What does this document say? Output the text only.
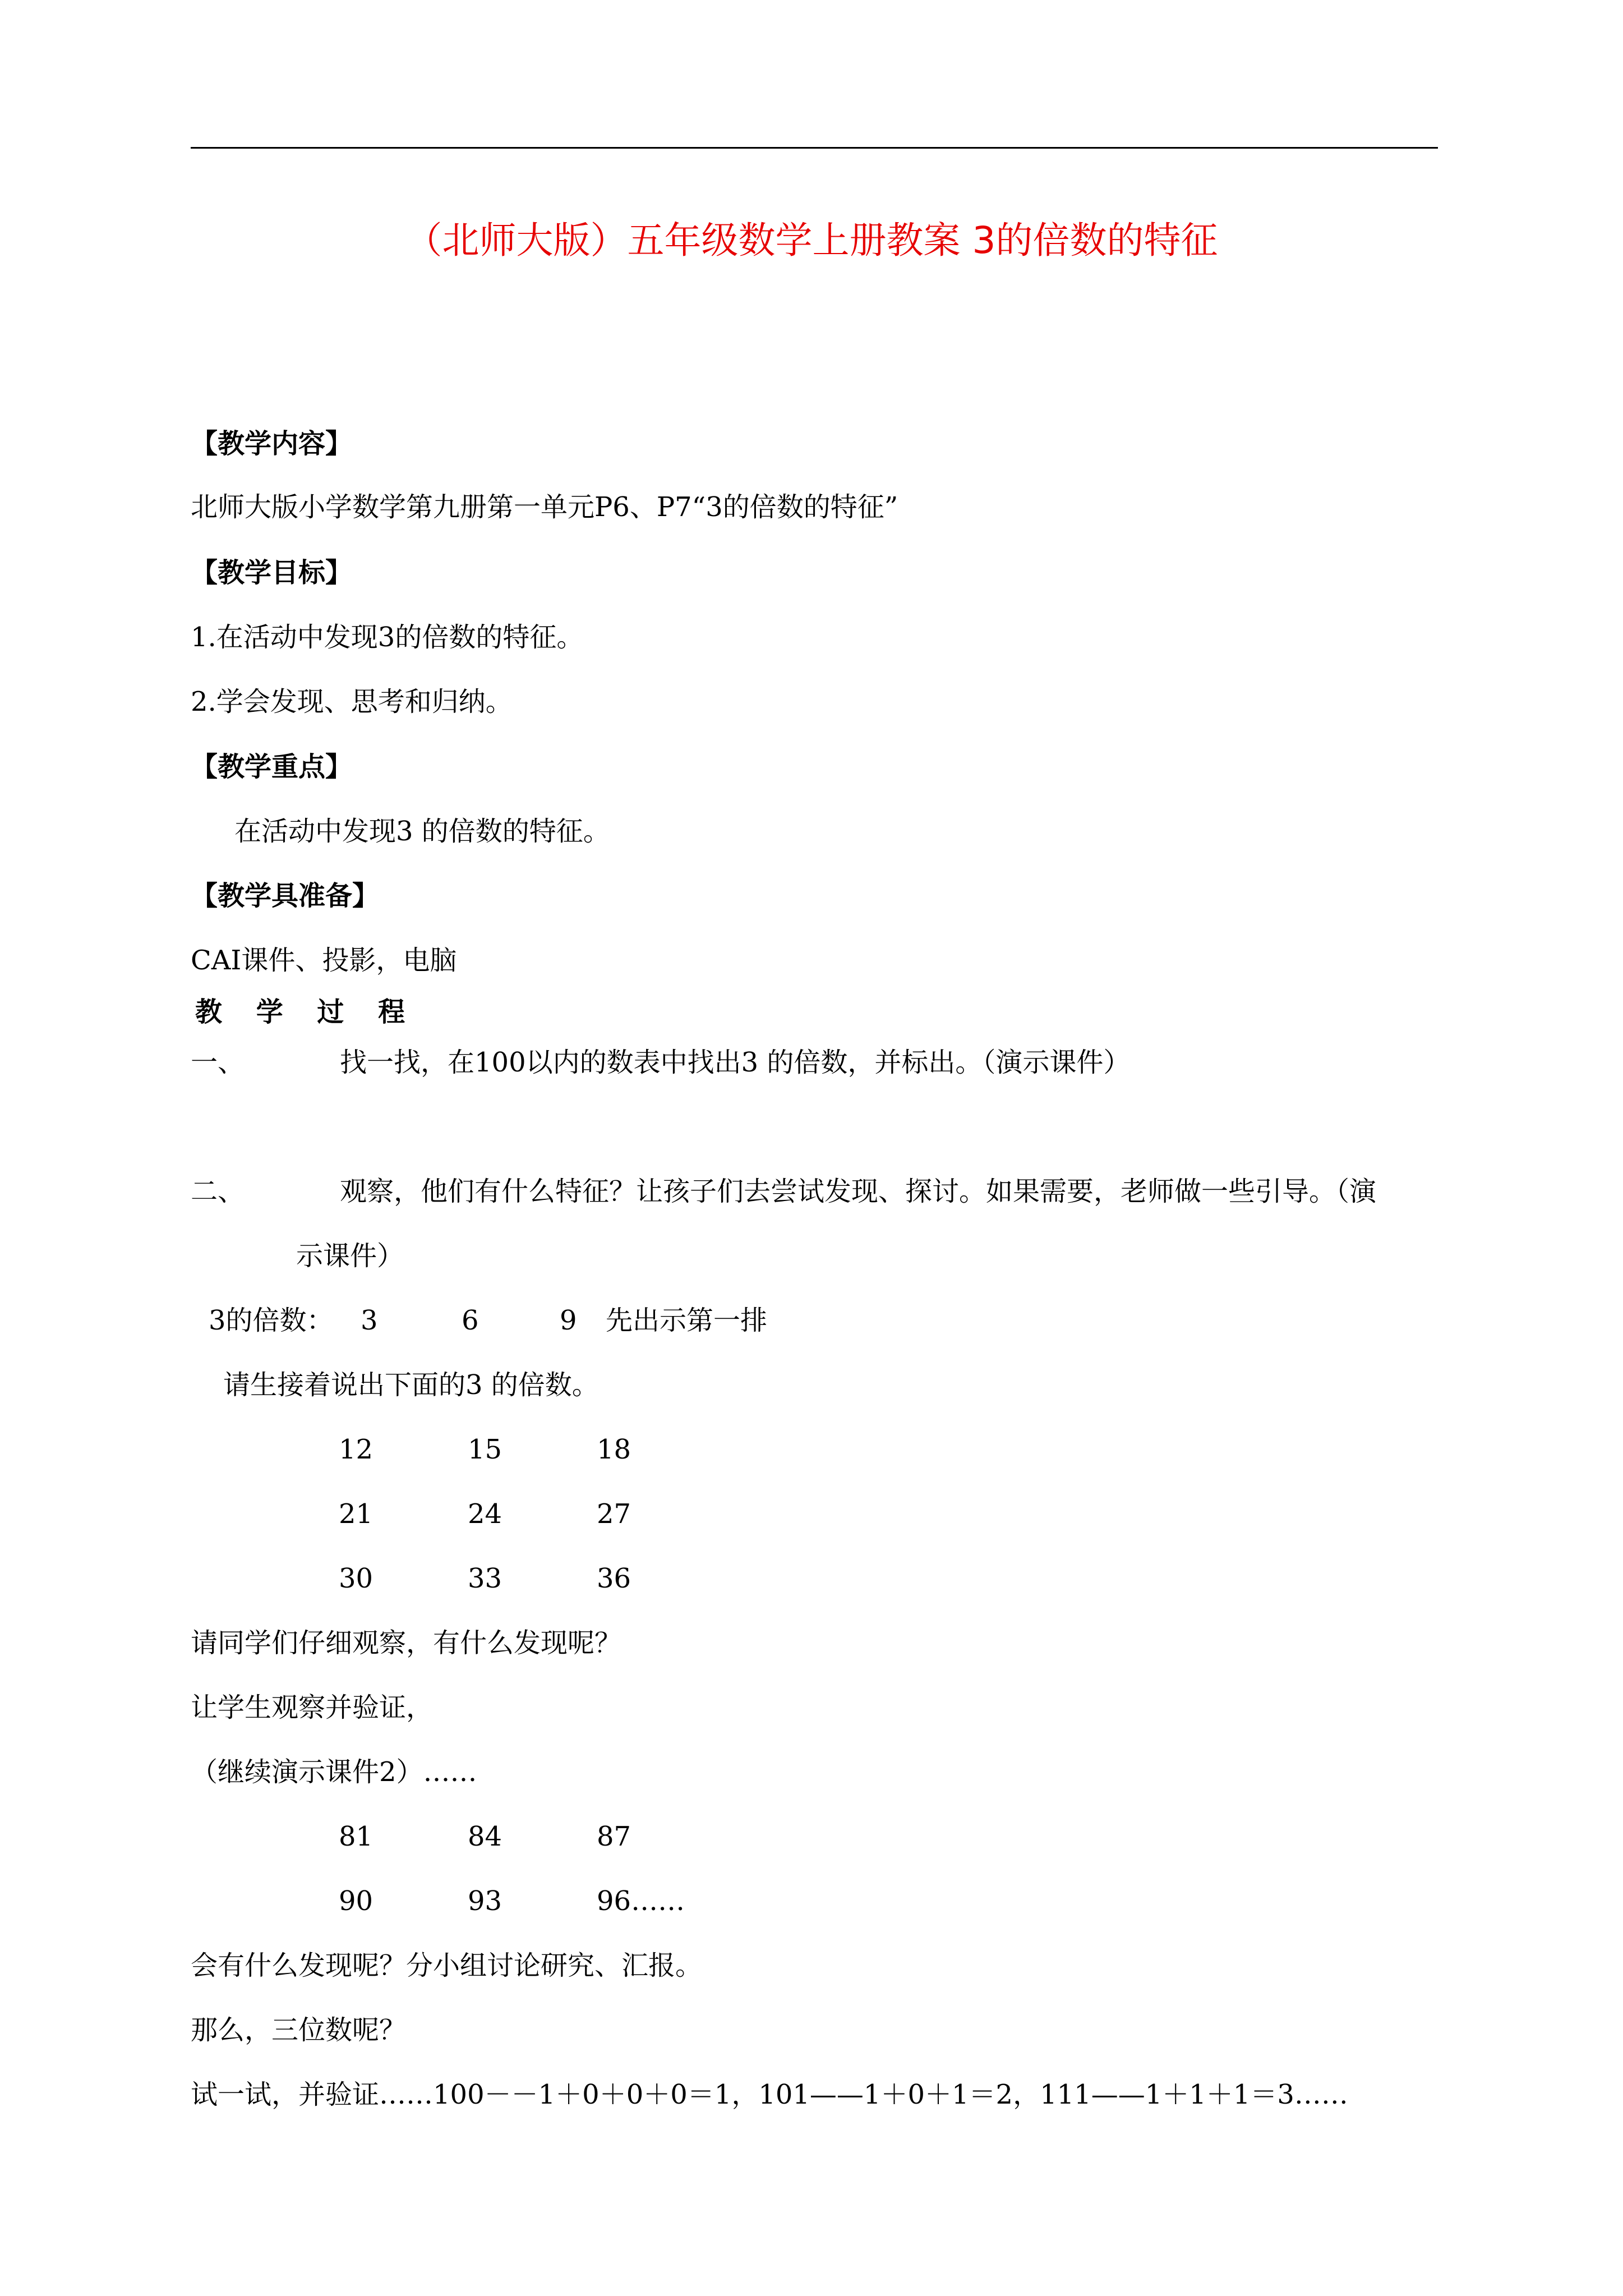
（北师大版）五年级数学上册教案 3的倍数的特征
【教学内容】
北师大版小学数学第九册第一单元P6、P7“3的倍数的特征”
【教学目标】
1.在活动中发现3的倍数的特征。
2.学会发现、思考和归纳。
【教学重点】
在活动中发现3 的倍数的特征。
【教学具准备】
CAI课件、投影，电脑
教 学 过 程
一、	找一找，在100以内的数表中找出3 的倍数，并标出。（演示课件）
二、	观察，他们有什么特征？让孩子们去尝试发现、探讨。如果需要，老师做一些引导。（演
示课件）
3的倍数： 3	6	9 先出示第一排
请生接着说出下面的3 的倍数。
12	15	18
21	24	27
30	33	36
请同学们仔细观察，有什么发现呢？
让学生观察并验证，
（继续演示课件2）……
81	84	87
90	93	96……
会有什么发现呢？分小组讨论研究、汇报。
那么，三位数呢？
试一试，并验证……100－－1＋0＋0＋0＝1，101——1＋0＋1＝2，111——1＋1＋1＝3……
